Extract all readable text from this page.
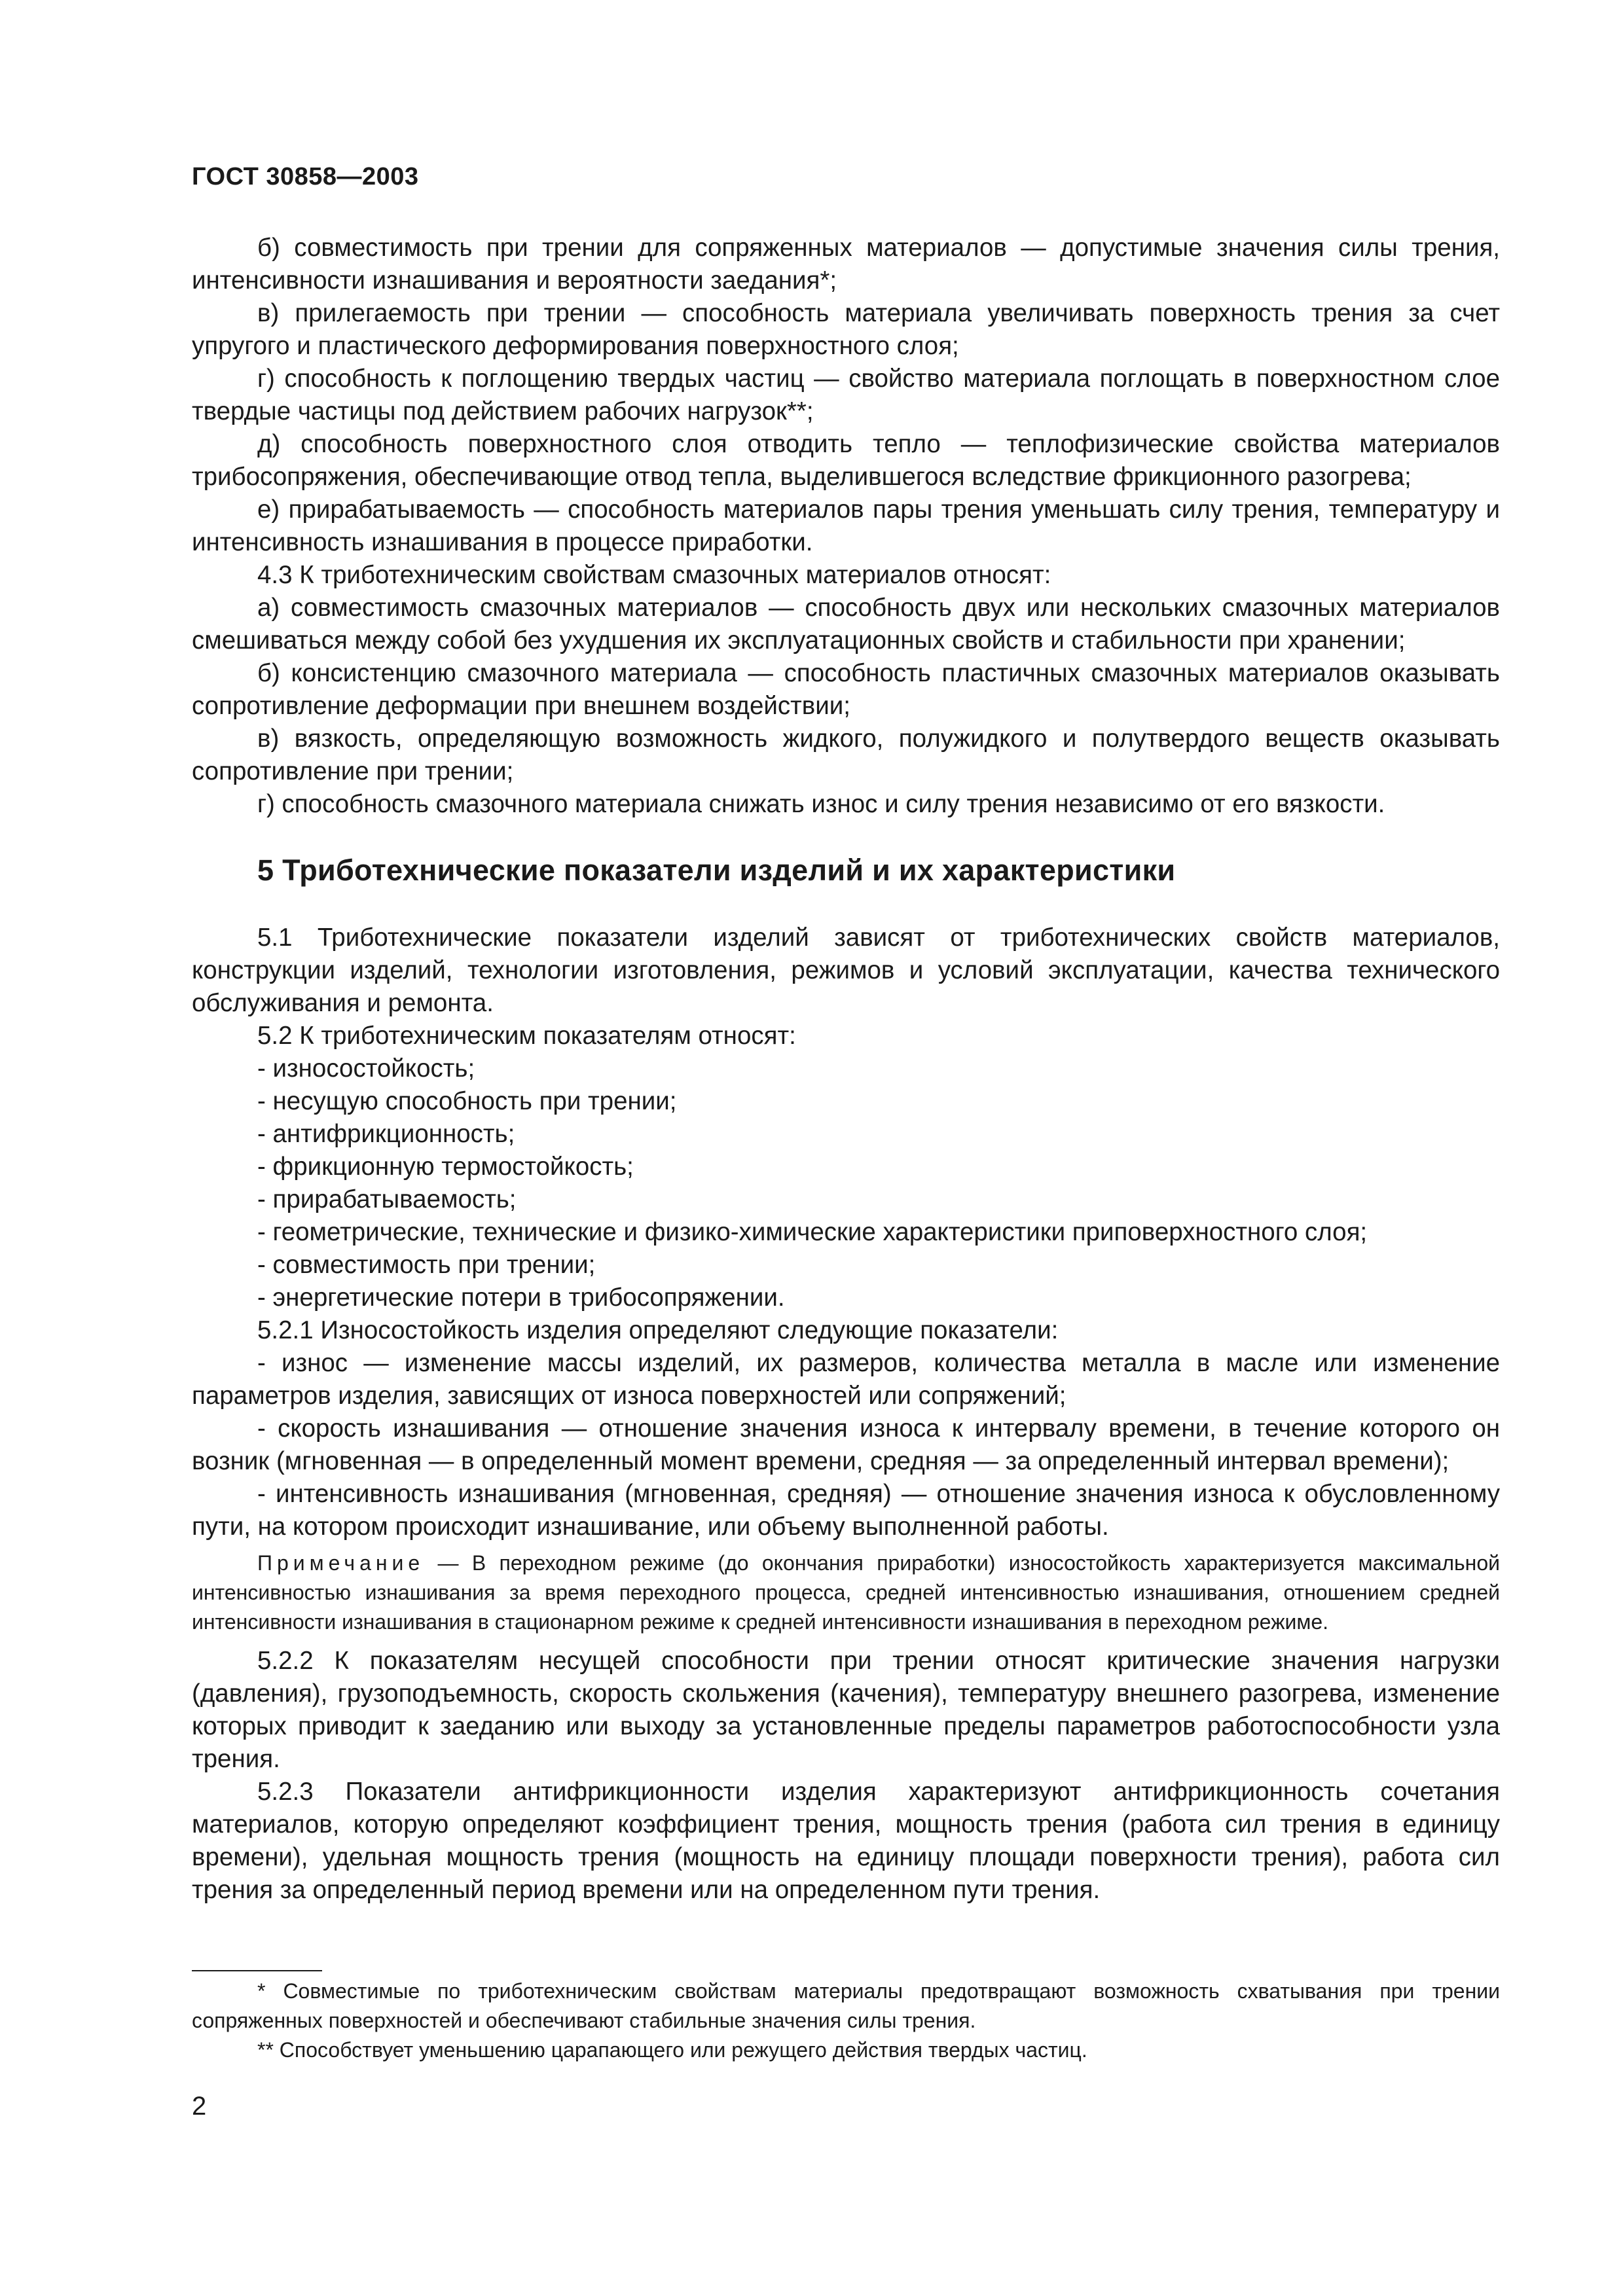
ГОСТ 30858—2003

б) совместимость при трении для сопряженных материалов — допустимые значения силы трения, интенсивности изнашивания и вероятности заедания*;

в) прилегаемость при трении — способность материала увеличивать поверхность трения за счет упругого и пластического деформирования поверхностного слоя;

г) способность к поглощению твердых частиц — свойство материала поглощать в поверхностном слое твердые частицы под действием рабочих нагрузок**;

д) способность поверхностного слоя отводить тепло — теплофизические свойства материалов трибосопряжения, обеспечивающие отвод тепла, выделившегося вследствие фрикционного разогрева;

е) прирабатываемость — способность материалов пары трения уменьшать силу трения, температуру и интенсивность изнашивания в процессе приработки.

4.3 К триботехническим свойствам смазочных материалов относят:

а) совместимость смазочных материалов — способность двух или нескольких смазочных материалов смешиваться между собой без ухудшения их эксплуатационных свойств и стабильности при хранении;

б) консистенцию смазочного материала — способность пластичных смазочных материалов оказывать сопротивление деформации при внешнем воздействии;

в) вязкость, определяющую возможность жидкого, полужидкого и полутвердого веществ оказывать сопротивление при трении;

г) способность смазочного материала снижать износ и силу трения независимо от его вязкости.

5 Триботехнические показатели изделий и их характеристики

5.1 Триботехнические показатели изделий зависят от триботехнических свойств материалов, конструкции изделий, технологии изготовления, режимов и условий эксплуатации, качества технического обслуживания и ремонта.

5.2 К триботехническим показателям относят:

- износостойкость;

- несущую способность при трении;

- антифрикционность;

- фрикционную термостойкость;

- прирабатываемость;

- геометрические, технические и физико-химические характеристики приповерхностного слоя;

- совместимость при трении;

- энергетические потери в трибосопряжении.

5.2.1 Износостойкость изделия определяют следующие показатели:

- износ — изменение массы изделий, их размеров, количества металла в масле или изменение параметров изделия, зависящих от износа поверхностей или сопряжений;

- скорость изнашивания — отношение значения износа к интервалу времени, в течение которого он возник (мгновенная — в определенный момент времени, средняя — за определенный интервал времени);

- интенсивность изнашивания (мгновенная, средняя) — отношение значения износа к обусловленному пути, на котором происходит изнашивание, или объему выполненной работы.

Примечание — В переходном режиме (до окончания приработки) износостойкость характеризуется максимальной интенсивностью изнашивания за время переходного процесса, средней интенсивностью изнашивания, отношением средней интенсивности изнашивания в стационарном режиме к средней интенсивности изнашивания в переходном режиме.

5.2.2 К показателям несущей способности при трении относят критические значения нагрузки (давления), грузоподъемность, скорость скольжения (качения), температуру внешнего разогрева, изменение которых приводит к заеданию или выходу за установленные пределы параметров работоспособности узла трения.

5.2.3 Показатели антифрикционности изделия характеризуют антифрикционность сочетания материалов, которую определяют коэффициент трения, мощность трения (работа сил трения в единицу времени), удельная мощность трения (мощность на единицу площади поверхности трения), работа сил трения за определенный период времени или на определенном пути трения.

* Совместимые по триботехническим свойствам материалы предотвращают возможность схватывания при трении сопряженных поверхностей и обеспечивают стабильные значения силы трения.

** Способствует уменьшению царапающего или режущего действия твердых частиц.

2
